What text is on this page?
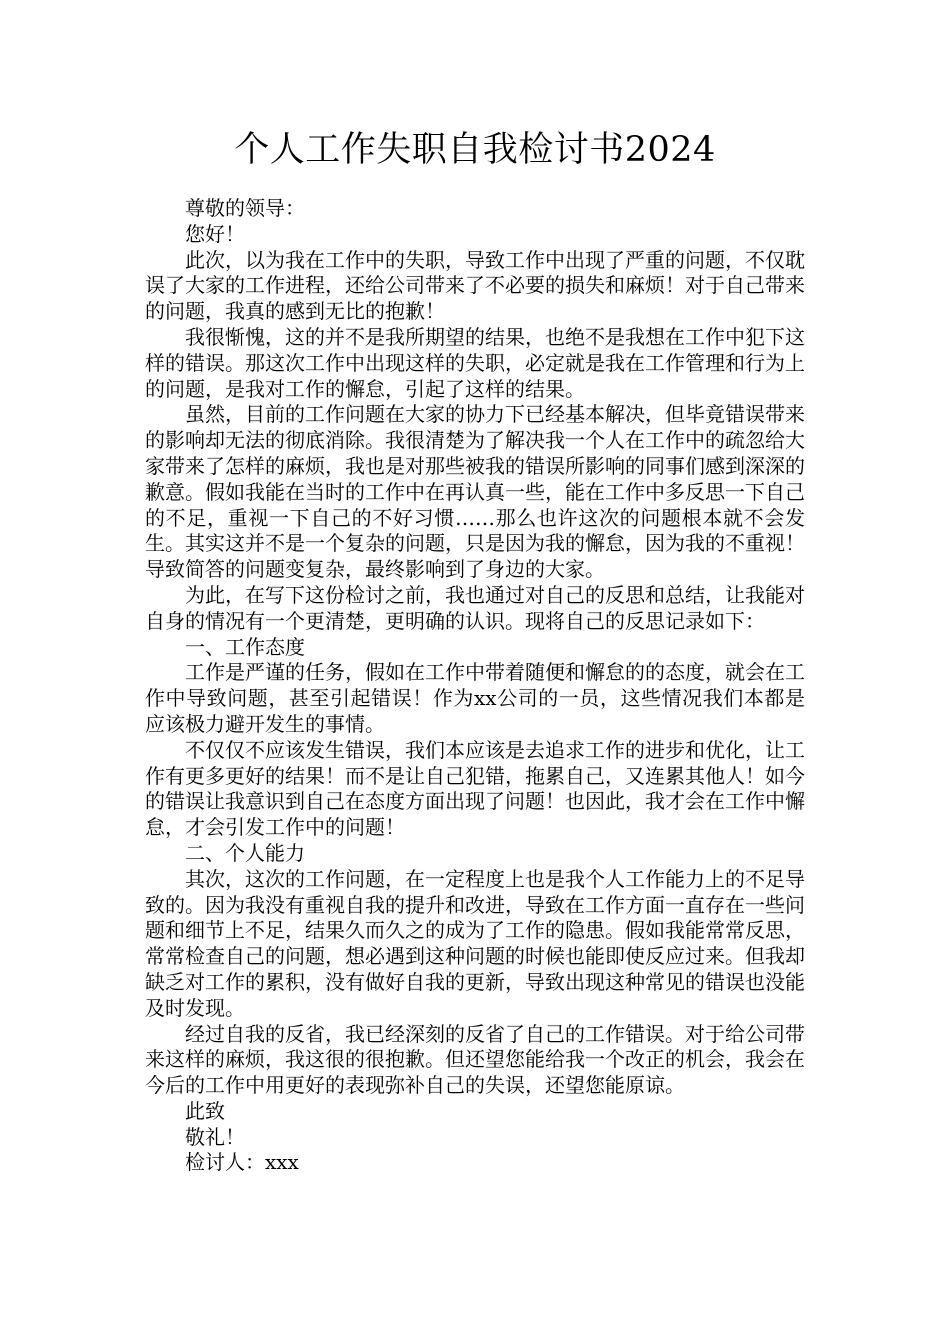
个人工作失职自我检讨书2024

尊敬的领导：

您好！

此次，以为我在工作中的失职，导致工作中出现了严重的问题，不仅耽误了大家的工作进程，还给公司带来了不必要的损失和麻烦！对于自己带来的问题，我真的感到无比的抱歉！

我很惭愧，这的并不是我所期望的结果，也绝不是我想在工作中犯下这样的错误。那这次工作中出现这样的失职，必定就是我在工作管理和行为上的问题，是我对工作的懈怠，引起了这样的结果。

虽然，目前的工作问题在大家的协力下已经基本解决，但毕竟错误带来的影响却无法的彻底消除。我很清楚为了解决我一个人在工作中的疏忽给大家带来了怎样的麻烦，我也是对那些被我的错误所影响的同事们感到深深的歉意。假如我能在当时的工作中在再认真一些，能在工作中多反思一下自己的不足，重视一下自己的不好习惯……那么也许这次的问题根本就不会发生。其实这并不是一个复杂的问题，只是因为我的懈怠，因为我的不重视！导致简答的问题变复杂，最终影响到了身边的大家。

为此，在写下这份检讨之前，我也通过对自己的反思和总结，让我能对自身的情况有一个更清楚，更明确的认识。现将自己的反思记录如下：

一、工作态度

工作是严谨的任务，假如在工作中带着随便和懈怠的的态度，就会在工作中导致问题，甚至引起错误！作为xx公司的一员，这些情况我们本都是应该极力避开发生的事情。

不仅仅不应该发生错误，我们本应该是去追求工作的进步和优化，让工作有更多更好的结果！而不是让自己犯错，拖累自己，又连累其他人！如今的错误让我意识到自己在态度方面出现了问题！也因此，我才会在工作中懈怠，才会引发工作中的问题！

二、个人能力

其次，这次的工作问题，在一定程度上也是我个人工作能力上的不足导致的。因为我没有重视自我的提升和改进，导致在工作方面一直存在一些问题和细节上不足，结果久而久之的成为了工作的隐患。假如我能常常反思，常常检查自己的问题，想必遇到这种问题的时候也能即使反应过来。但我却缺乏对工作的累积，没有做好自我的更新，导致出现这种常见的错误也没能及时发现。

经过自我的反省，我已经深刻的反省了自己的工作错误。对于给公司带来这样的麻烦，我这很的很抱歉。但还望您能给我一个改正的机会，我会在今后的工作中用更好的表现弥补自己的失误，还望您能原谅。

此致

敬礼！

检讨人：xxx
